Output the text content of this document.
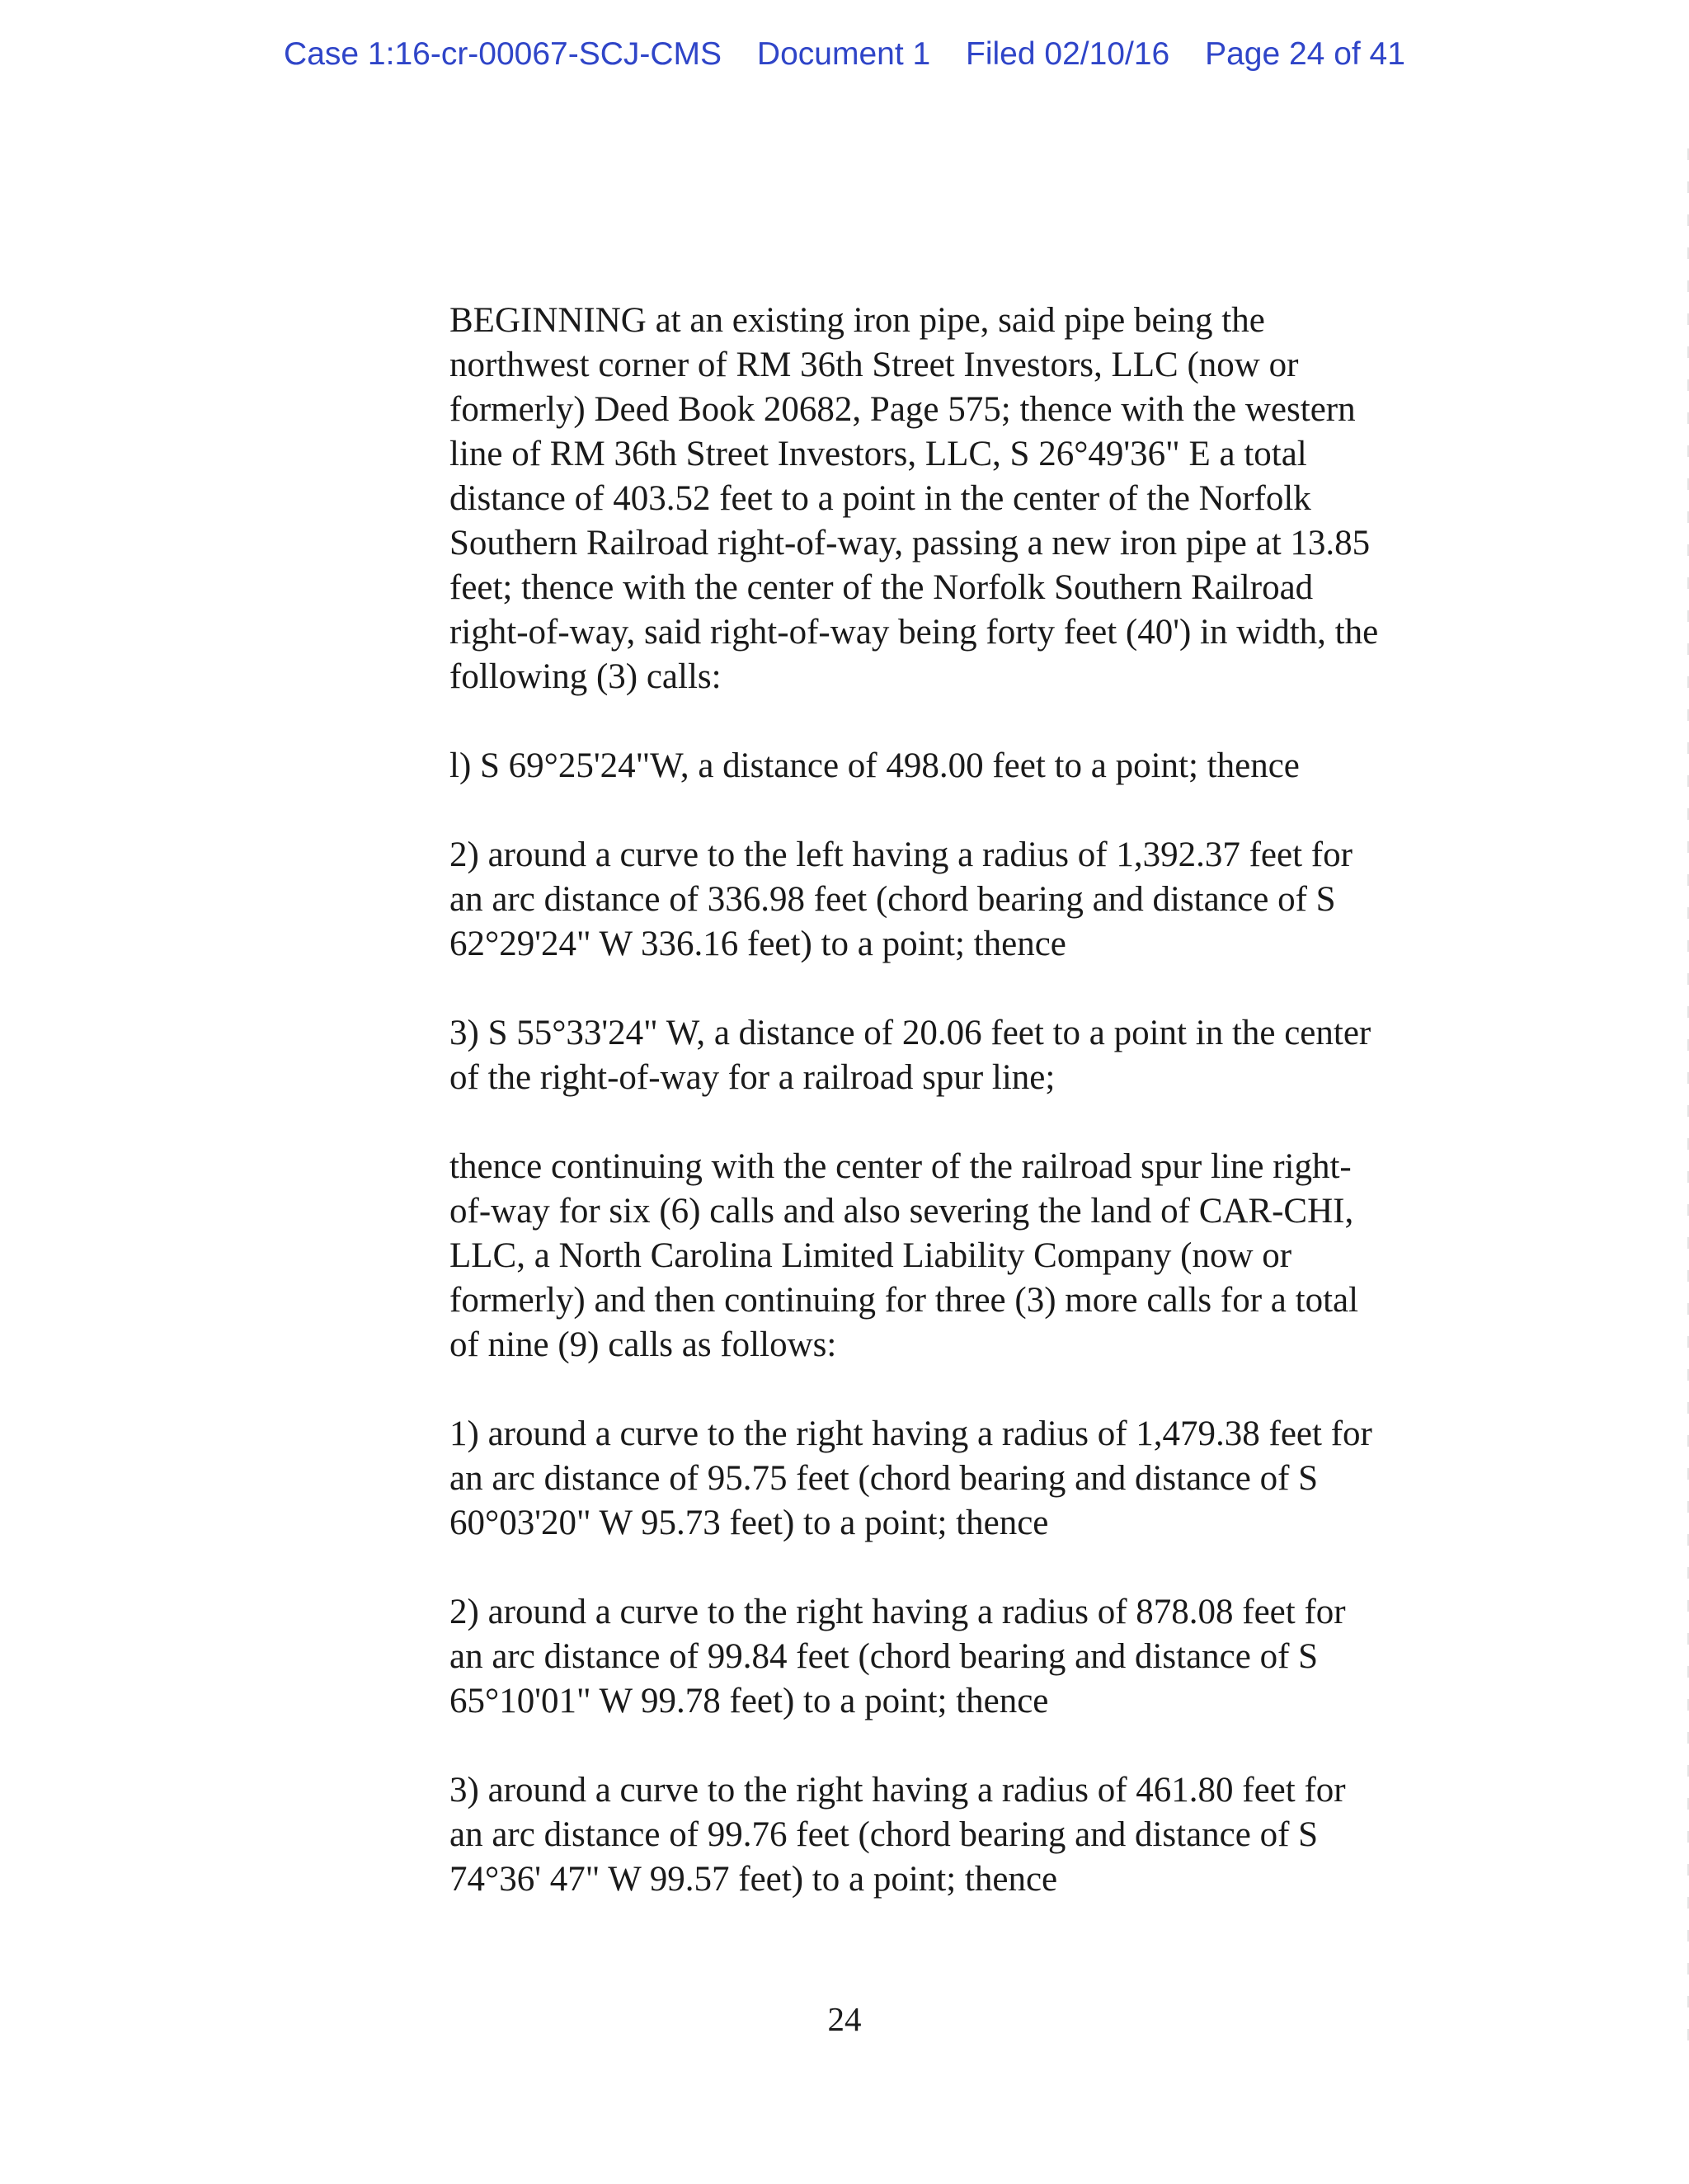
Case 1:16-cr-00067-SCJ-CMS Document 1 Filed 02/10/16 Page 24 of 41

BEGINNING at an existing iron pipe, said pipe being the
northwest corner of RM 36th Street Investors, LLC (now or
formerly) Deed Book 20682, Page 575; thence with the western
line of RM 36th Street Investors, LLC, S 26°49'36" E a total
distance of 403.52 feet to a point in the center of the Norfolk
Southern Railroad right-of-way, passing a new iron pipe at 13.85
feet; thence with the center of the Norfolk Southern Railroad
right-of-way, said right-of-way being forty feet (40') in width, the
following (3) calls:

l) S 69°25'24"W, a distance of 498.00 feet to a point; thence

2) around a curve to the left having a radius of 1,392.37 feet for
an arc distance of 336.98 feet (chord bearing and distance of S
62°29'24" W 336.16 feet) to a point; thence

3) S 55°33'24" W, a distance of 20.06 feet to a point in the center
of the right-of-way for a railroad spur line;

thence continuing with the center of the railroad spur line right-
of-way for six (6) calls and also severing the land of CAR-CHI,
LLC, a North Carolina Limited Liability Company (now or
formerly) and then continuing for three (3) more calls for a total
of nine (9) calls as follows:

1) around a curve to the right having a radius of 1,479.38 feet for
an arc distance of 95.75 feet (chord bearing and distance of S
60°03'20" W 95.73 feet) to a point; thence

2) around a curve to the right having a radius of 878.08 feet for
an arc distance of 99.84 feet (chord bearing and distance of S
65°10'01" W 99.78 feet) to a point; thence

3) around a curve to the right having a radius of 461.80 feet for
an arc distance of 99.76 feet (chord bearing and distance of S
74°36' 47" W 99.57 feet) to a point; thence

24
